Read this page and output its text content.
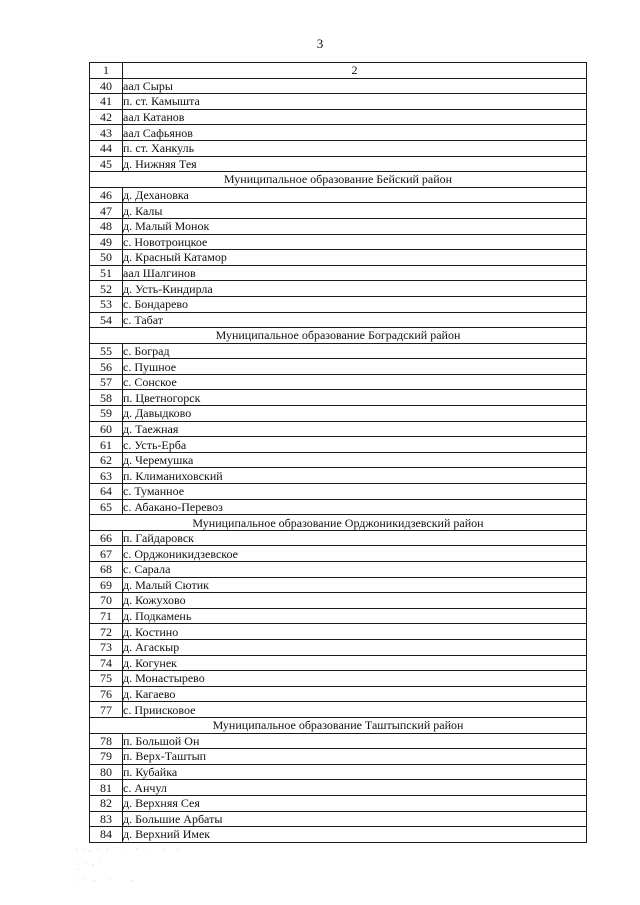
3
1	2
40	аал Сыры
41	п. ст. Камышта
42	аал Катанов
43	аал Сафьянов
44	п. ст. Ханкуль
45	д. Нижняя Тея
Муниципальное образование Бейский район	
46	д. Дехановка
47	д. Калы
48	д. Малый Монок
49	с. Новотроицкое
50	д. Красный Катамор
51	аал Шалгинов
52	д. Усть-Киндирла
53	с. Бондарево
54	с. Табат
Муниципальное образование Боградский район	
55	с. Боград
56	с. Пушное
57	с. Сонское
58	п. Цветногорск
59	д. Давыдково
60	д. Таежная
61	с. Усть-Ерба
62	д. Черемушка
63	п. Климаниховский
64	с. Туманное
65	с. Абакано-Перевоз
Муниципальное образование Орджоникидзевский район	
66	п. Гайдаровск
67	с. Орджоникидзевское
68	с. Сарала
69	д. Малый Сютик
70	д. Кожухово
71	д. Подкамень
72	д. Костино
73	д. Агаскыр
74	д. Когунек
75	д. Монастырево
76	д. Кагаево
77	с. Приисковое
Муниципальное образование Таштыпский район	
78	п. Большой Он
79	п. Верх-Таштып
80	п. Кубайка
81	с. Анчул
82	д. Верхняя Сея
83	д. Большие Арбаты
84	д. Верхний Имек
